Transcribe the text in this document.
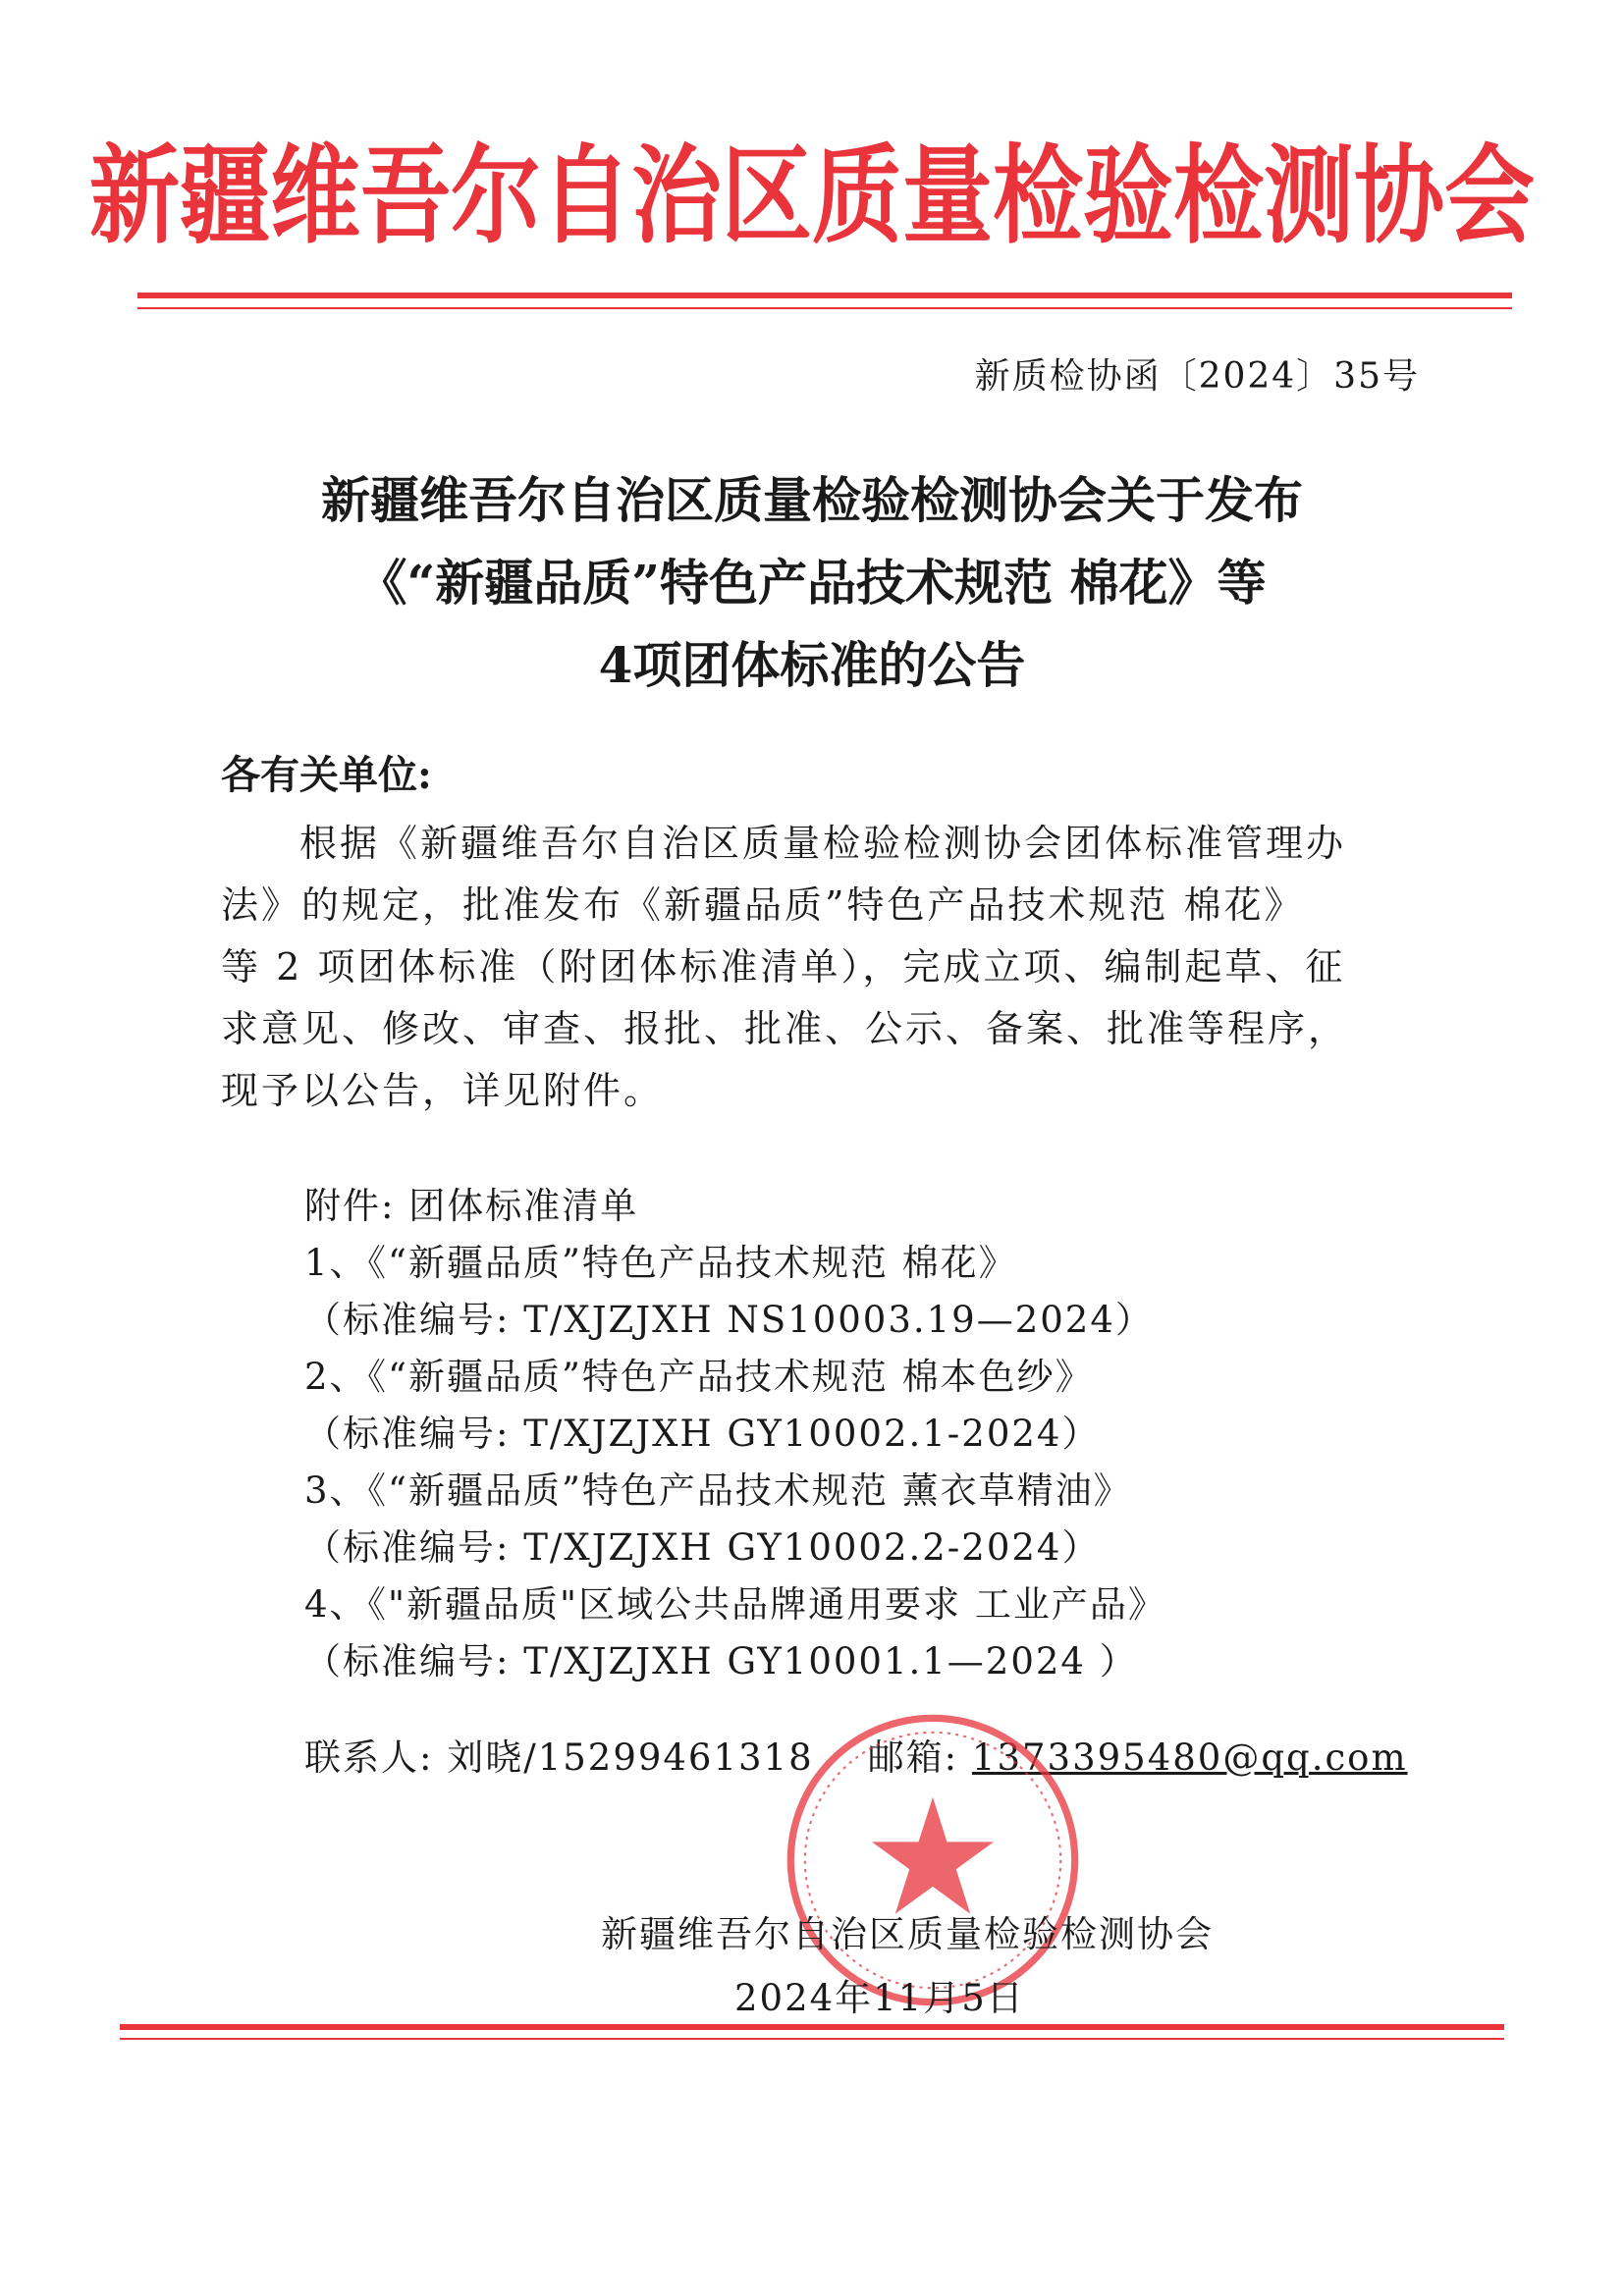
新疆维吾尔自治区质量检验检测协会
新质检协函〔2024〕35号
新疆维吾尔自治区质量检验检测协会关于发布
《“新疆品质”特色产品技术规范 棉花》等
4项团体标准的公告
各有关单位:
根据《新疆维吾尔自治区质量检验检测协会团体标准管理办
法》的规定，批准发布《新疆品质”特色产品技术规范 棉花》
等 2 项团体标准（附团体标准清单），完成立项、编制起草、征
求意见、修改、审查、报批、批准、公示、备案、批准等程序，
现予以公告，详见附件。
附件: 团体标准清单
1、《“新疆品质”特色产品技术规范 棉花》
（标准编号: T/XJZJXH NS10003.19—2024）
2、《“新疆品质”特色产品技术规范 棉本色纱》
（标准编号: T/XJZJXH GY10002.1-2024）
3、《“新疆品质”特色产品技术规范 薰衣草精油》
（标准编号: T/XJZJXH GY10002.2-2024）
4、《"新疆品质"区域公共品牌通用要求 工业产品》
（标准编号: T/XJZJXH GY10001.1—2024 ）
联系人: 刘晓/15299461318 邮箱: 1373395480@qq.com
新疆维吾尔自治区质量检验检测协会
2024年11月5日
